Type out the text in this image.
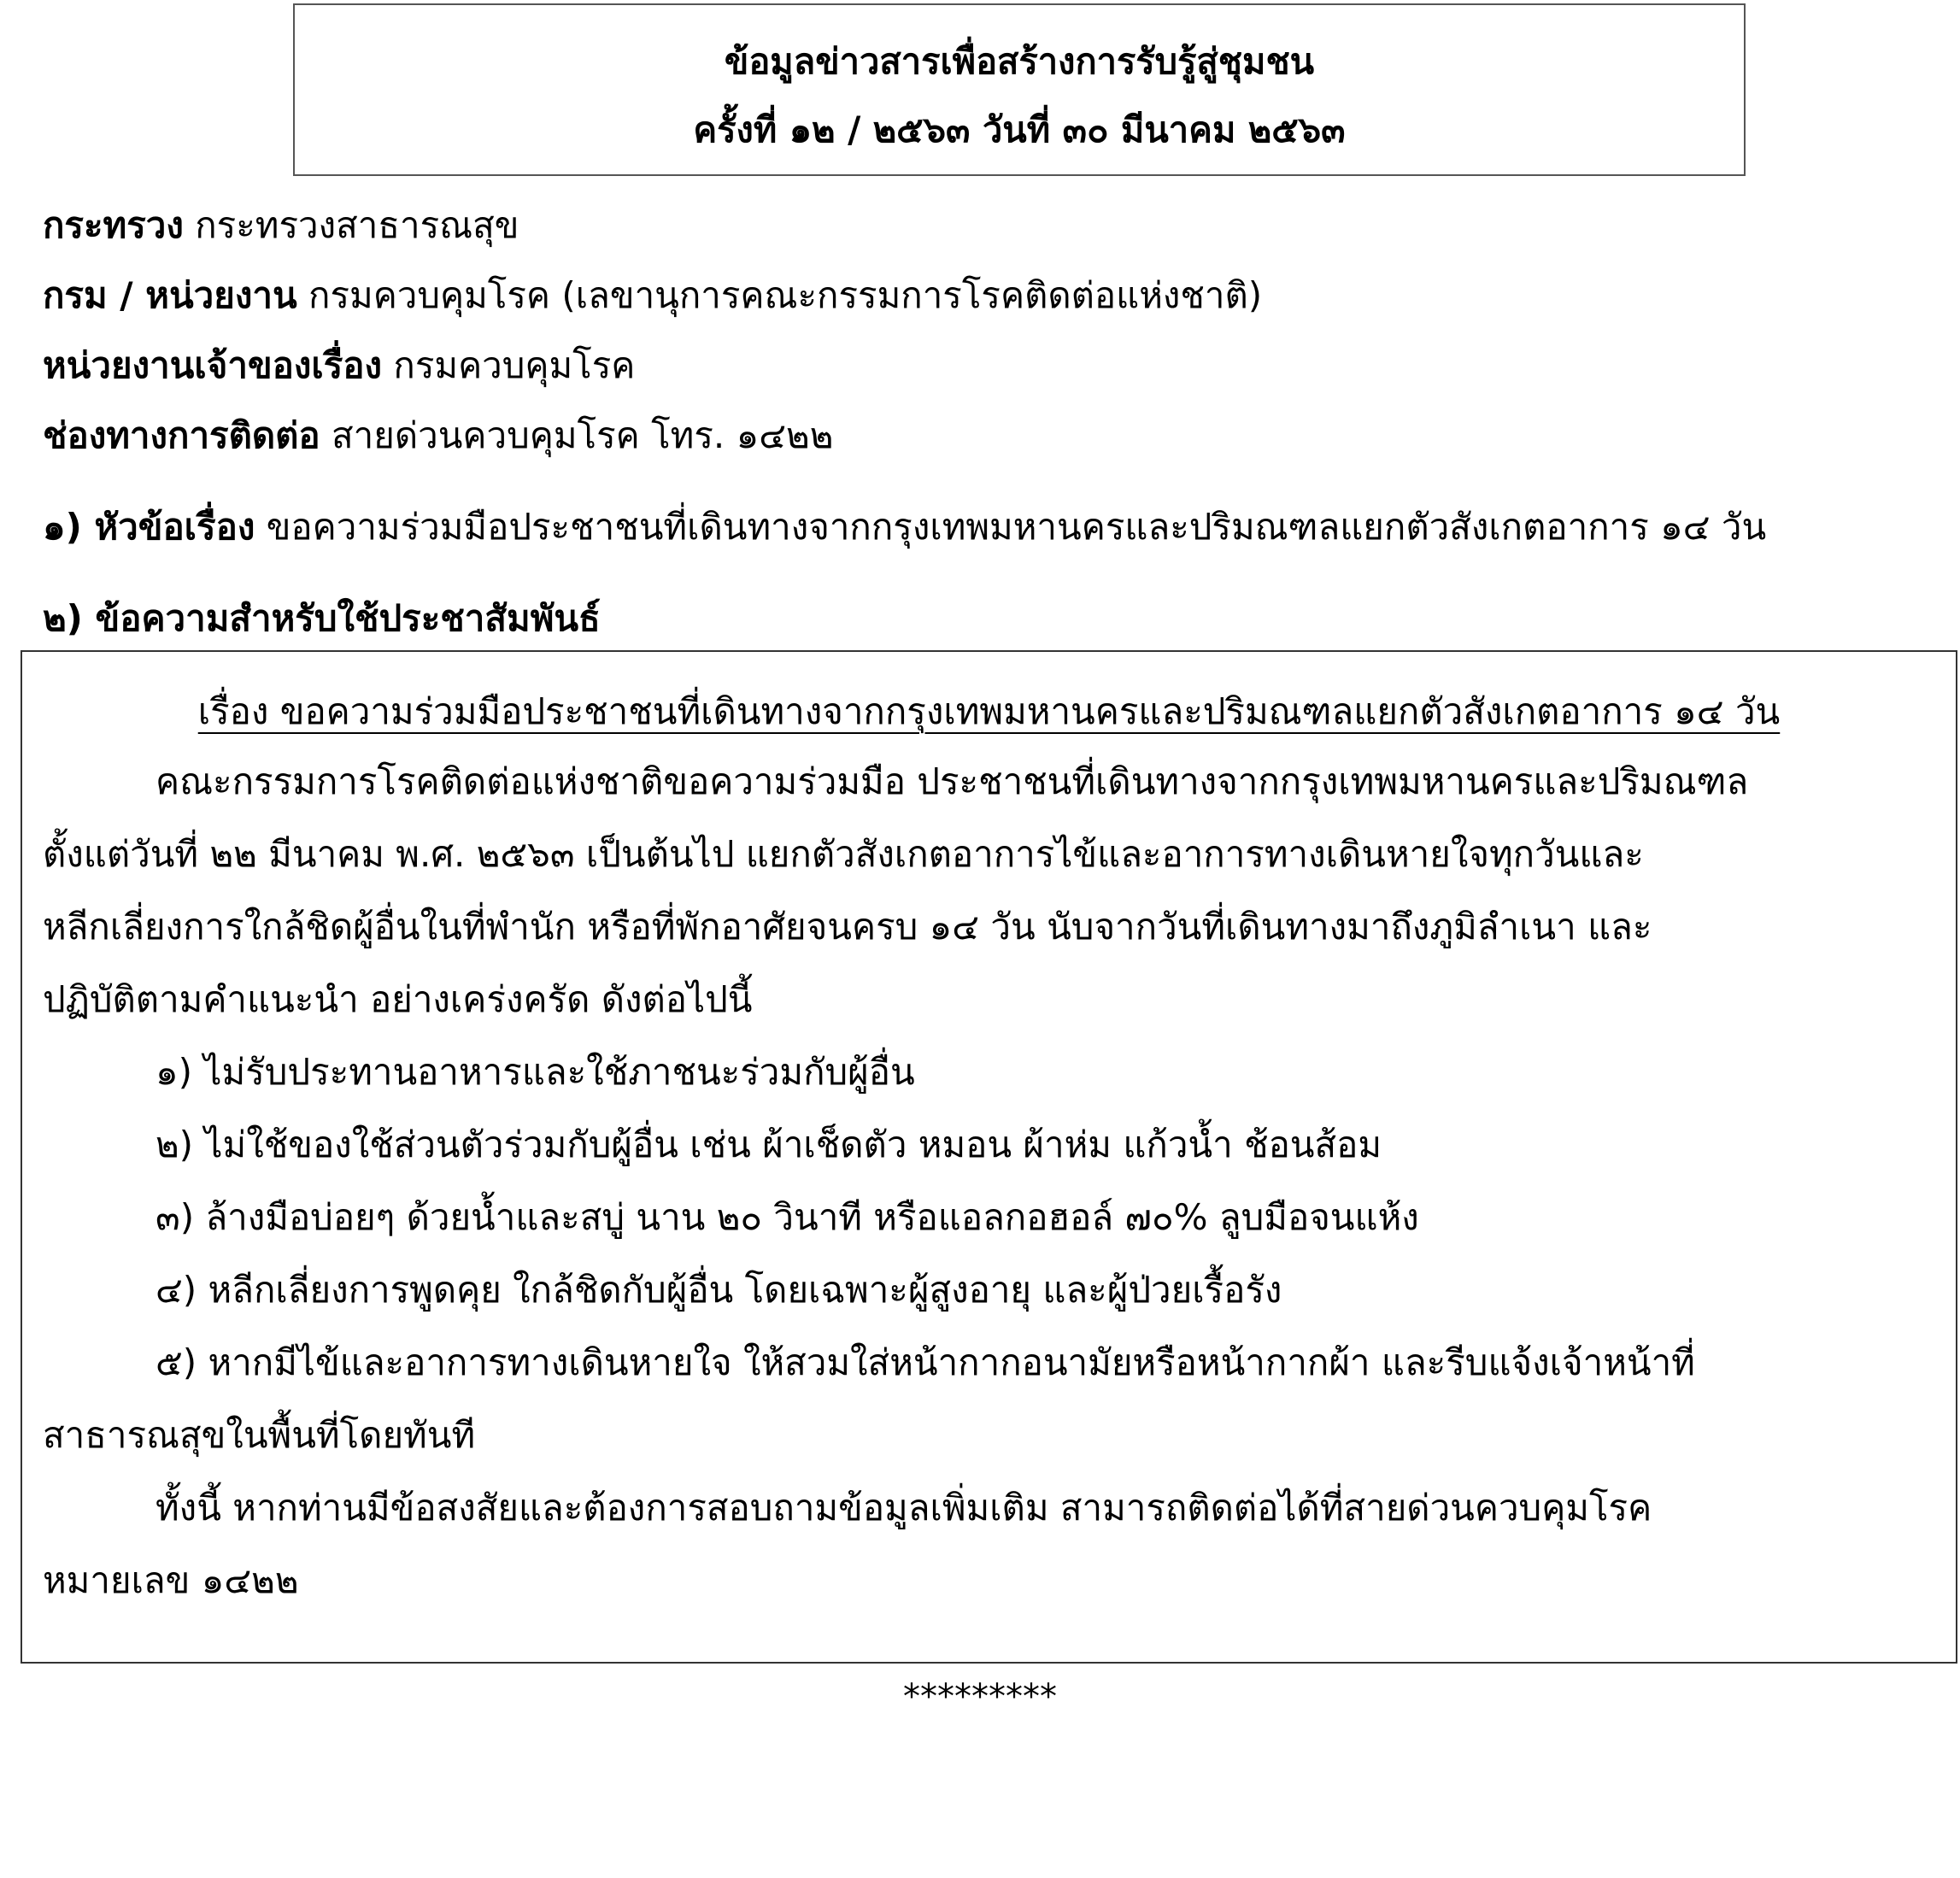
ข้อมูลข่าวสารเพื่อสร้างการรับรู้สู่ชุมชน
ครั้งที่ ๑๒ / ๒๕๖๓ วันที่ ๓๐ มีนาคม ๒๕๖๓
กระทรวง กระทรวงสาธารณสุข
กรม / หน่วยงาน กรมควบคุมโรค (เลขานุการคณะกรรมการโรคติดต่อแห่งชาติ)
หน่วยงานเจ้าของเรื่อง กรมควบคุมโรค
ช่องทางการติดต่อ สายด่วนควบคุมโรค โทร. ๑๔๒๒
๑) หัวข้อเรื่อง ขอความร่วมมือประชาชนที่เดินทางจากกรุงเทพมหานครและปริมณฑลแยกตัวสังเกตอาการ ๑๔ วัน
๒) ข้อความสำหรับใช้ประชาสัมพันธ์
เรื่อง ขอความร่วมมือประชาชนที่เดินทางจากกรุงเทพมหานครและปริมณฑลแยกตัวสังเกตอาการ ๑๔ วัน
คณะกรรมการโรคติดต่อแห่งชาติขอความร่วมมือ ประชาชนที่เดินทางจากกรุงเทพมหานครและปริมณฑล
ตั้งแต่วันที่ ๒๒ มีนาคม พ.ศ. ๒๕๖๓ เป็นต้นไป แยกตัวสังเกตอาการไข้และอาการทางเดินหายใจทุกวันและ
หลีกเลี่ยงการใกล้ชิดผู้อื่นในที่พำนัก หรือที่พักอาศัยจนครบ ๑๔ วัน นับจากวันที่เดินทางมาถึงภูมิลำเนา และ
ปฏิบัติตามคำแนะนำ อย่างเคร่งครัด ดังต่อไปนี้
๑) ไม่รับประทานอาหารและใช้ภาชนะร่วมกับผู้อื่น
๒) ไม่ใช้ของใช้ส่วนตัวร่วมกับผู้อื่น เช่น ผ้าเช็ดตัว หมอน ผ้าห่ม แก้วน้ำ ช้อนส้อม
๓) ล้างมือบ่อยๆ ด้วยน้ำและสบู่ นาน ๒๐ วินาที หรือแอลกอฮอล์ ๗๐% ลูบมือจนแห้ง
๔) หลีกเลี่ยงการพูดคุย ใกล้ชิดกับผู้อื่น โดยเฉพาะผู้สูงอายุ และผู้ป่วยเรื้อรัง
๕) หากมีไข้และอาการทางเดินหายใจ ให้สวมใส่หน้ากากอนามัยหรือหน้ากากผ้า และรีบแจ้งเจ้าหน้าที่
สาธารณสุขในพื้นที่โดยทันที
ทั้งนี้ หากท่านมีข้อสงสัยและต้องการสอบถามข้อมูลเพิ่มเติม สามารถติดต่อได้ที่สายด่วนควบคุมโรค
หมายเลข ๑๔๒๒
*********
